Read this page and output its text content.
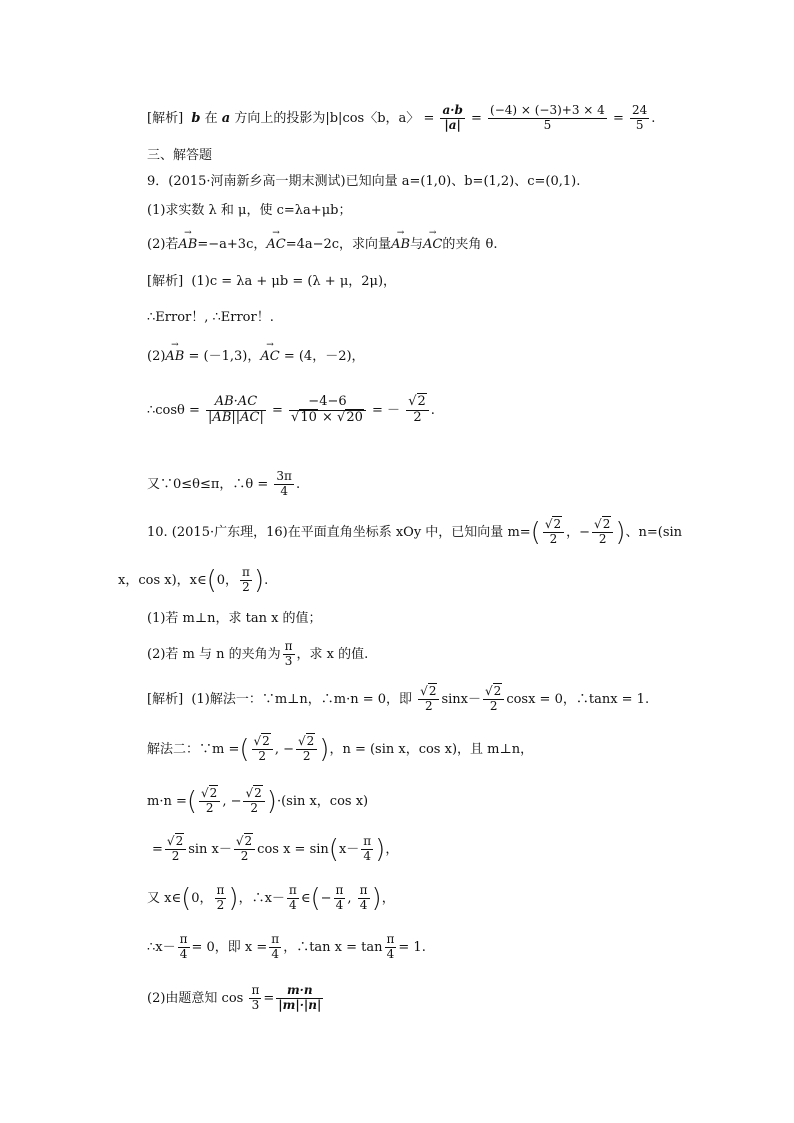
[解析] b 在 a 方向上的投影为|b|cos〈b，a〉 = $\frac{a\cdot b}{|a|} = \frac{(-4) \times (-3)+3 \times 4}{5} = \frac{24}{5}$ .
三、解答题
9．(2015·河南新乡高一期末测试)已知向量 a=(1,0)、b=(1,2)、c=(0,1).
(1)求实数 λ 和 μ，使 c=λa+μb；
(2)若→ AB=−a+3c，→ AC=4a−2c，求向量→ AB与→ AC的夹角 θ.
[解析] (1)c = λa + μb = (λ + μ，2μ)，
∴Error！, ∴Error！.
(2)→ AB = (－1,3)，→ AC = (4，－2)，
∴cosθ = $\frac{AB\cdot AC}{|AB||AC|} = \frac{-4-6}{√10 \times √20}$ = － $\frac{√2}{2}$ .
又∵0≤θ≤π，∴θ = $\frac{3\pi}{4}$ .
10. (2015·广东理，16)在平面直角坐标系 xOy 中，已知向量 $m=( \frac{√2}{2}$ ，− $\frac{√2}{2}$ )、n=(sin
x，cos x)，x∈(0， $\frac{\pi}{2}$ ).
(1)若 m⊥n，求 tan x 的值；
(2)若 m 与 n 的夹角为 $\frac{\pi}{3}$ ，求 x 的值.
[解析] (1)解法一：∵m⊥n，∴m·n = 0，即 $\frac{√2}{2} \sin x- \frac{√2}{2}$ cosx = 0，∴tanx = 1.
解法二：∵m =( $\frac{√2}{2}$ , − $\frac{√2}{2}$ )，n = (sin x，cos x)，且 m⊥n，
m·n =( $\frac{√2}{2}$ , − $\frac{√2}{2} )\cdot(\sin$ x，cos x)
= $\frac{√2}{2}$ $\sin x- \frac{√2}{2}$ $\cos x = \sin(x- \frac{\pi}{4}$ )，
又 x∈(0， $\frac{\pi}{2}$ )，∴x－ $\frac{\pi}{4}$ ∈(− $\frac{\pi}{4}$ , $\frac{\pi}{4}$ )，
∴x－ $\frac{\pi}{4} = 0$，即 $x = \frac{\pi}{4}$ ，∴tan $x = \tan \frac{\pi}{4} = 1$.
(2)由题意知 $\cos \frac{\pi}{3} = \frac{m\cdot n}{|m|\cdot|n|}$
